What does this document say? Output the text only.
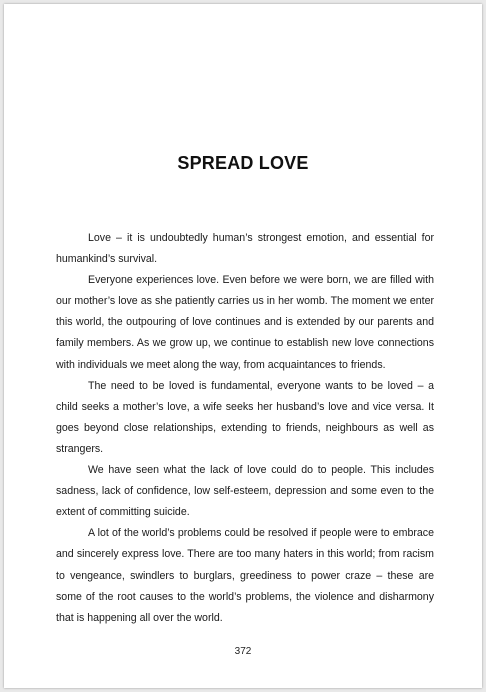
SPREAD LOVE

Love – it is undoubtedly human’s strongest emotion, and essential for humankind’s survival.

Everyone experiences love. Even before we were born, we are filled with our mother’s love as she patiently carries us in her womb. The moment we enter this world, the outpouring of love continues and is extended by our parents and family members. As we grow up, we continue to establish new love connections with individuals we meet along the way, from acquaintances to friends.

The need to be loved is fundamental, everyone wants to be loved – a child seeks a mother’s love, a wife seeks her husband’s love and vice versa. It goes beyond close relationships, extending to friends, neighbours as well as strangers.

We have seen what the lack of love could do to people. This includes sadness, lack of confidence, low self-esteem, depression and some even to the extent of committing suicide.

A lot of the world’s problems could be resolved if people were to embrace and sincerely express love. There are too many haters in this world; from racism to vengeance, swindlers to burglars, greediness to power craze – these are some of the root causes to the world’s problems, the violence and disharmony that is happening all over the world.

372
